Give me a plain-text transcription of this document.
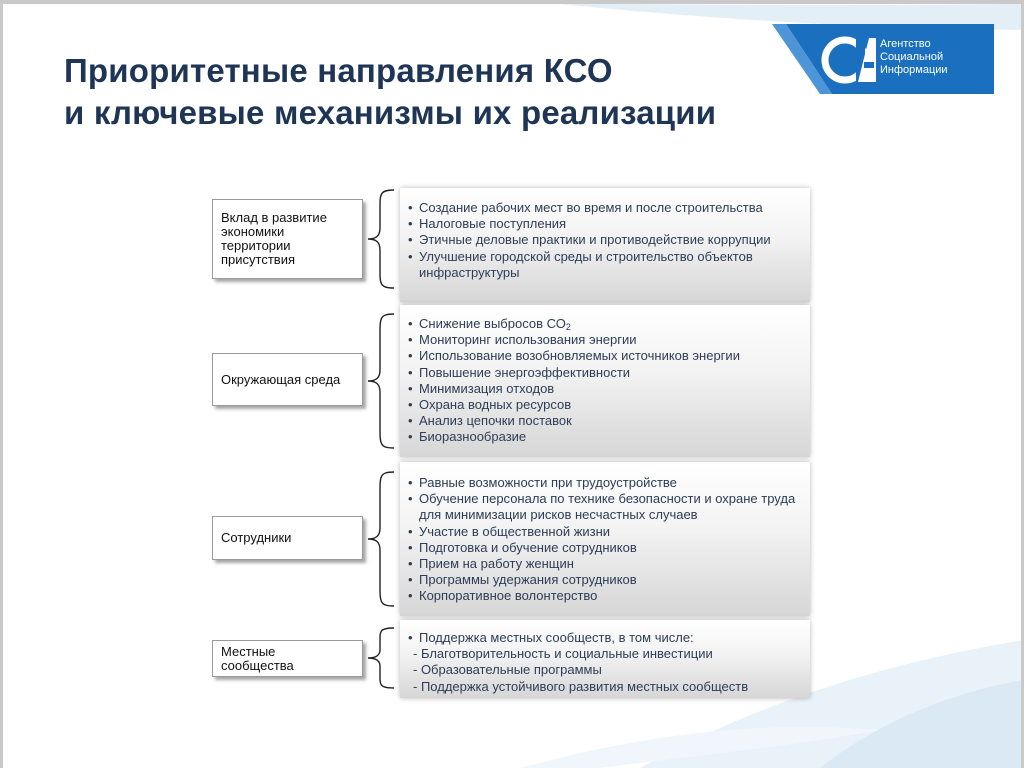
Приоритетные направления КСО
и ключевые механизмы их реализации
Агентство
Социальной
Информации
Вклад в развитие
экономики
территории
присутствия
• Создание рабочих мест во время и после строительства
• Налоговые поступления
• Этичные деловые практики и противодействие коррупции
• Улучшение городской среды и строительство объектов инфраструктуры
Окружающая среда
• Снижение выбросов $СО_2$
• Мониторинг использования энергии
• Использование возобновляемых источников энергии
• Повышение энергоэффективности
• Минимизация отходов
• Охрана водных ресурсов
• Анализ цепочки поставок
• Биоразнообразие
Сотрудники
• Равные возможности при трудоустройстве
• Обучение персонала по технике безопасности и охране труда для минимизации рисков несчастных случаев
• Участие в общественной жизни
• Подготовка и обучение сотрудников
• Прием на работу женщин
• Программы удержания сотрудников
• Корпоративное волонтерство
Местные
сообщества
• Поддержка местных сообществ, в том числе:
- Благотворительность и социальные инвестиции
- Образовательные программы
- Поддержка устойчивого развития местных сообществ
